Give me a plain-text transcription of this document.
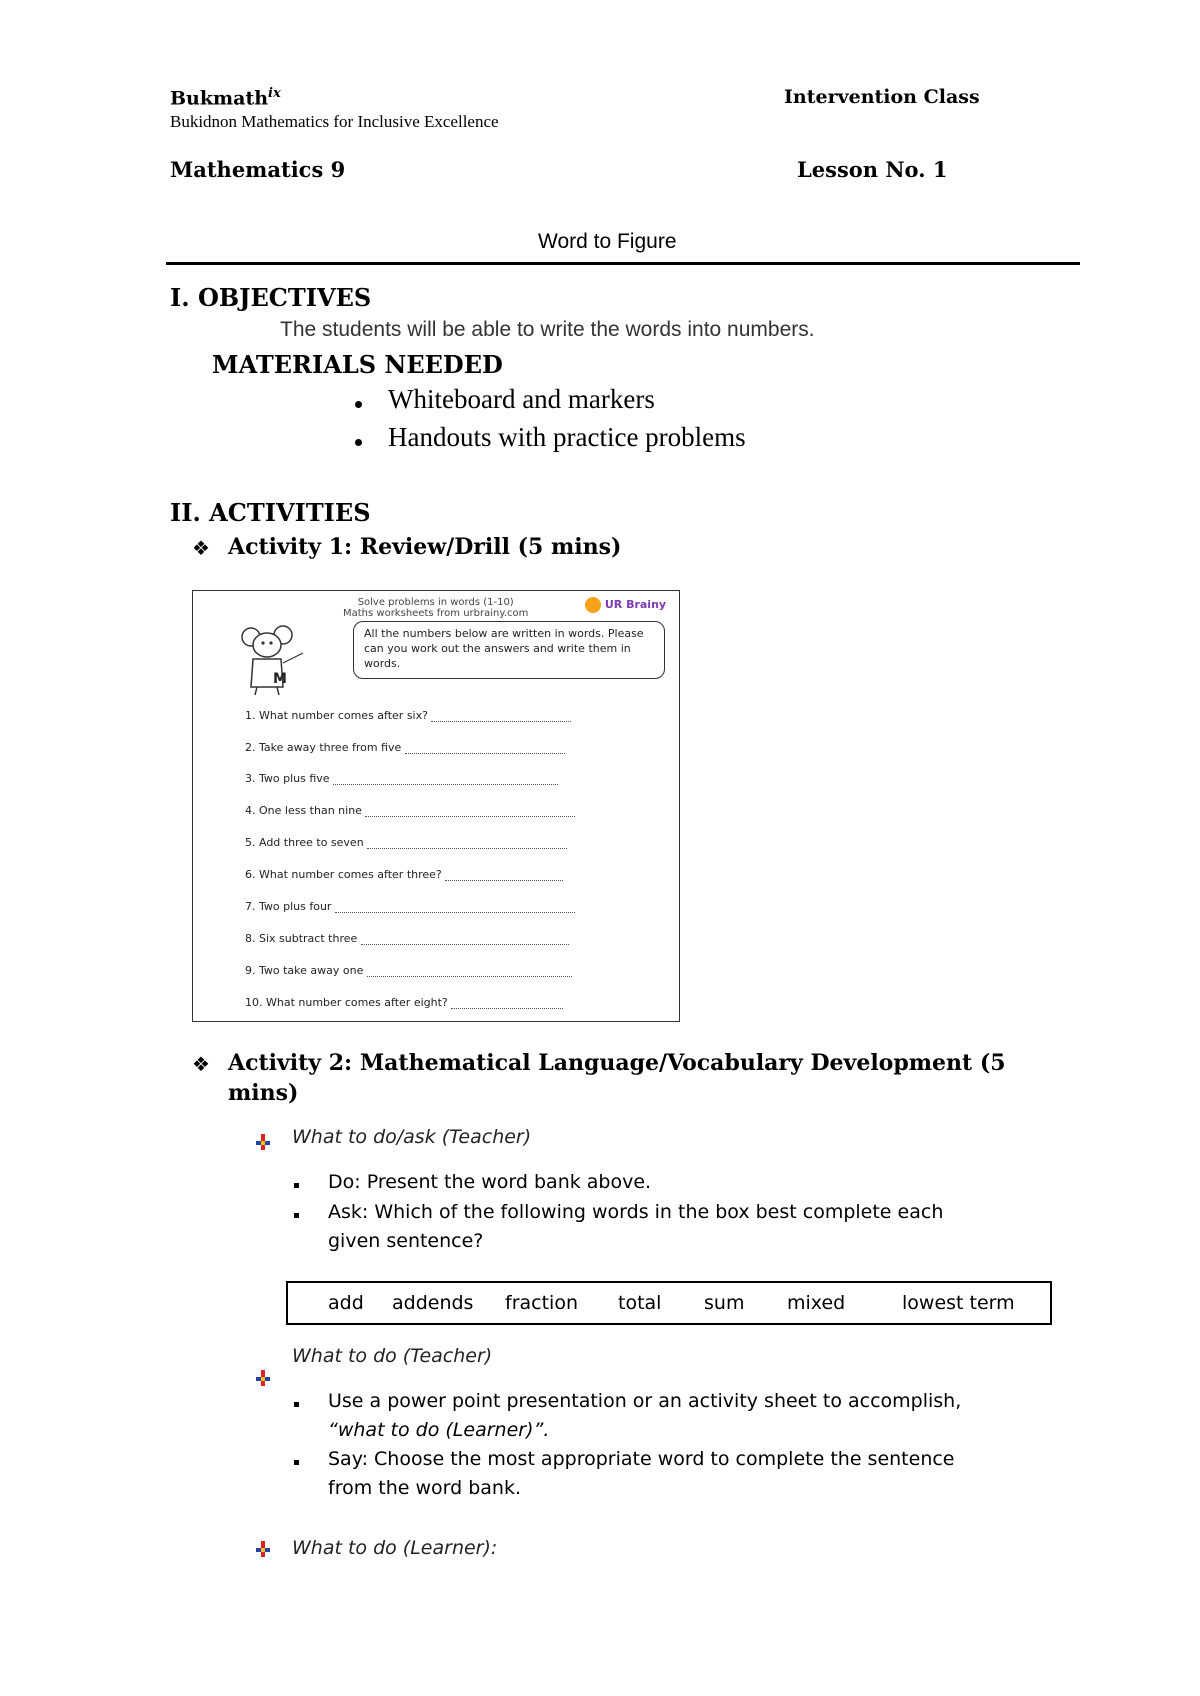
Bukmath$^{ix}$
Bukidnon Mathematics for Inclusive Excellence
Intervention Class
Mathematics 9	Lesson No. 1
Word to Figure
I. OBJECTIVES
The students will be able to write the words into numbers.
MATERIALS NEEDED
Whiteboard and markers
Handouts with practice problems
II. ACTIVITIES
❖ Activity 1: Review/Drill (5 mins)
Solve problems in words (1-10)
Maths worksheets from urbrainy.com
UR Brainy
M
All the numbers below are written in words. Please can you work out the answers and write them in words.
1. What number comes after six?
2. Take away three from five
3. Two plus five
4. One less than nine
5. Add three to seven
6. What number comes after three?
7. Two plus four
8. Six subtract three
9. Two take away one
10. What number comes after eight?
❖ Activity 2: Mathematical Language/Vocabulary Development (5
mins)
What to do/ask (Teacher)
Do: Present the word bank above.
Ask: Which of the following words in the box best complete each
given sentence?
add addends fraction total sum mixed	lowest term
What to do (Teacher)
Use a power point presentation or an activity sheet to accomplish,
“what to do (Learner)”.
Say: Choose the most appropriate word to complete the sentence
from the word bank.
What to do (Learner):
